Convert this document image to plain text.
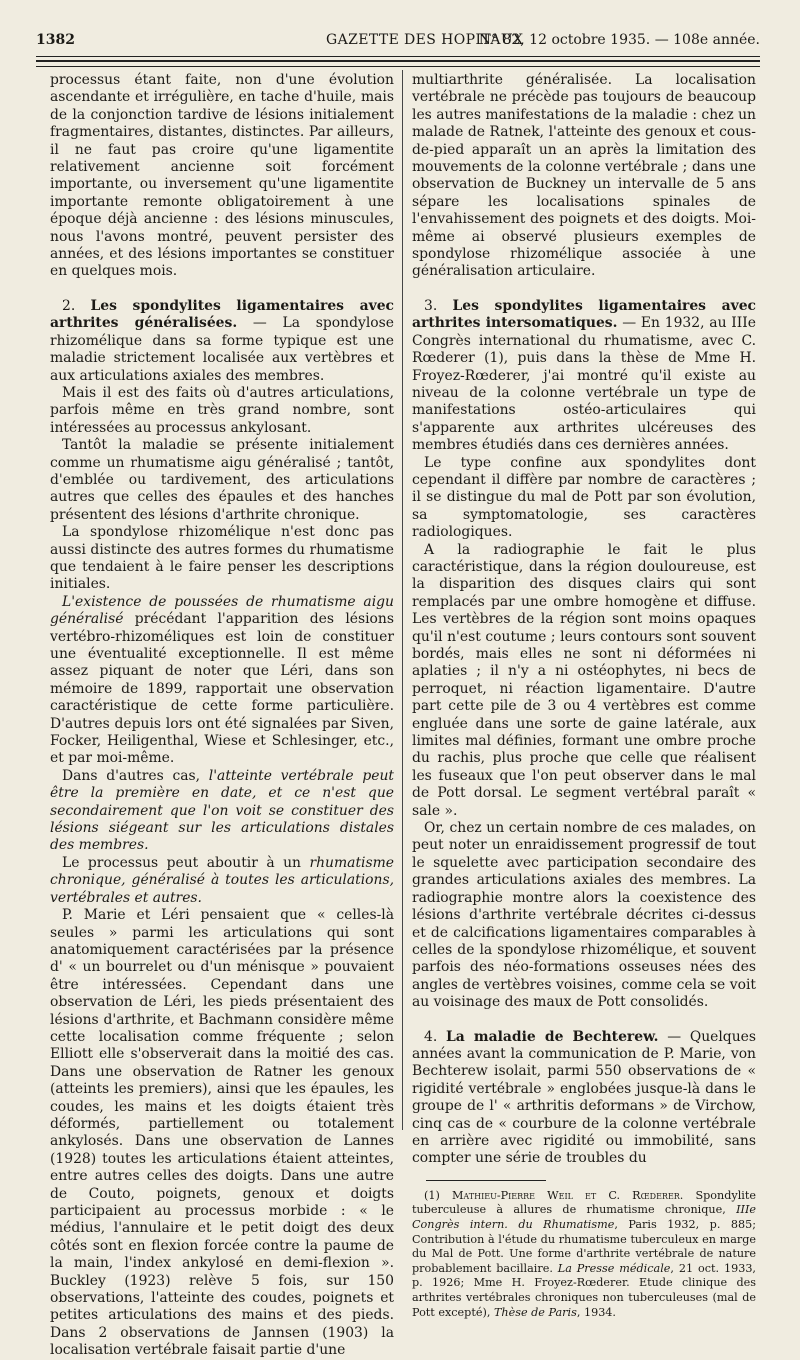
1382	GAZETTE DES HOPITAUX
N° 82, 12 octobre 1935. — 108e année.

processus étant faite, non d'une évolution ascendante et irrégulière, en tache d'huile, mais de la conjonction tardive de lésions initialement fragmentaires, distantes, distinctes. Par ailleurs, il ne faut pas croire qu'une ligamentite relativement ancienne soit forcément importante, ou inversement qu'une ligamentite importante remonte obligatoirement à une époque déjà ancienne : des lésions minuscules, nous l'avons montré, peuvent persister des années, et des lésions importantes se constituer en quelques mois.

2. Les spondylites ligamentaires avec arthrites généralisées. — La spondylose rhizomélique dans sa forme typique est une maladie strictement localisée aux vertèbres et aux articulations axiales des membres.

Mais il est des faits où d'autres articulations, parfois même en très grand nombre, sont intéressées au processus ankylosant.

Tantôt la maladie se présente initialement comme un rhumatisme aigu généralisé ; tantôt, d'emblée ou tardivement, des articulations autres que celles des épaules et des hanches présentent des lésions d'arthrite chronique.

La spondylose rhizomélique n'est donc pas aussi distincte des autres formes du rhumatisme que tendaient à le faire penser les descriptions initiales.

L'existence de poussées de rhumatisme aigu généralisé précédant l'apparition des lésions vertébro-rhizoméliques est loin de constituer une éventualité exceptionnelle. Il est même assez piquant de noter que Léri, dans son mémoire de 1899, rapportait une observation caractéristique de cette forme particulière. D'autres depuis lors ont été signalées par Siven, Focker, Heiligenthal, Wiese et Schlesinger, etc., et par moi-même.

Dans d'autres cas, l'atteinte vertébrale peut être la première en date, et ce n'est que secondairement que l'on voit se constituer des lésions siégeant sur les articulations distales des membres.

Le processus peut aboutir à un rhumatisme chronique, généralisé à toutes les articulations, vertébrales et autres.

P. Marie et Léri pensaient que « celles-là seules » parmi les articulations qui sont anatomiquement caractérisées par la présence d' « un bourrelet ou d'un ménisque » pouvaient être intéressées. Cependant dans une observation de Léri, les pieds présentaient des lésions d'arthrite, et Bachmann considère même cette localisation comme fréquente ; selon Elliott elle s'observerait dans la moitié des cas. Dans une observation de Ratner les genoux (atteints les premiers), ainsi que les épaules, les coudes, les mains et les doigts étaient très déformés, partiellement ou totalement ankylosés. Dans une observation de Lannes (1928) toutes les articulations étaient atteintes, entre autres celles des doigts. Dans une autre de Couto, poignets, genoux et doigts participaient au processus morbide : « le médius, l'annulaire et le petit doigt des deux côtés sont en flexion forcée contre la paume de la main, l'index ankylosé en demi-flexion ». Buckley (1923) relève 5 fois, sur 150 observations, l'atteinte des coudes, poignets et petites articulations des mains et des pieds. Dans 2 observations de Jannsen (1903) la localisation vertébrale faisait partie d'une

multiarthrite généralisée. La localisation vertébrale ne précède pas toujours de beaucoup les autres manifestations de la maladie : chez un malade de Ratnek, l'atteinte des genoux et cous-de-pied apparaît un an après la limitation des mouvements de la colonne vertébrale ; dans une observation de Buckney un intervalle de 5 ans sépare les localisations spinales de l'envahissement des poignets et des doigts. Moi-même ai observé plusieurs exemples de spondylose rhizomélique associée à une généralisation articulaire.

3. Les spondylites ligamentaires avec arthrites intersomatiques. — En 1932, au IIIe Congrès international du rhumatisme, avec C. Rœderer (1), puis dans la thèse de Mme H. Froyez-Rœderer, j'ai montré qu'il existe au niveau de la colonne vertébrale un type de manifestations ostéo-articulaires qui s'apparente aux arthrites ulcéreuses des membres étudiés dans ces dernières années.

Le type confine aux spondylites dont cependant il diffère par nombre de caractères ; il se distingue du mal de Pott par son évolution, sa symptomatologie, ses caractères radiologiques.

A la radiographie le fait le plus caractéristique, dans la région douloureuse, est la disparition des disques clairs qui sont remplacés par une ombre homogène et diffuse. Les vertèbres de la région sont moins opaques qu'il n'est coutume ; leurs contours sont souvent bordés, mais elles ne sont ni déformées ni aplaties ; il n'y a ni ostéophytes, ni becs de perroquet, ni réaction ligamentaire. D'autre part cette pile de 3 ou 4 vertèbres est comme engluée dans une sorte de gaine latérale, aux limites mal définies, formant une ombre proche du rachis, plus proche que celle que réalisent les fuseaux que l'on peut observer dans le mal de Pott dorsal. Le segment vertébral paraît « sale ».

Or, chez un certain nombre de ces malades, on peut noter un enraidissement progressif de tout le squelette avec participation secondaire des grandes articulations axiales des membres. La radiographie montre alors la coexistence des lésions d'arthrite vertébrale décrites ci-dessus et de calcifications ligamentaires comparables à celles de la spondylose rhizomélique, et souvent parfois des néo-formations osseuses nées des angles de vertèbres voisines, comme cela se voit au voisinage des maux de Pott consolidés.

4. La maladie de Bechterew. — Quelques années avant la communication de P. Marie, von Bechterew isolait, parmi 550 observations de « rigidité vertébrale » englobées jusque-là dans le groupe de l' « arthritis deformans » de Virchow, cinq cas de « courbure de la colonne vertébrale en arrière avec rigidité ou immobilité, sans compter une série de troubles du

(1) Mathieu-Pierre Weil et C. Rœderer. Spondylite tuberculeuse à allures de rhumatisme chronique, IIIe Congrès intern. du Rhumatisme, Paris 1932, p. 885; Contribution à l'étude du rhumatisme tuberculeux en marge du Mal de Pott. Une forme d'arthrite vertébrale de nature probablement bacillaire. La Presse médicale, 21 oct. 1933, p. 1926; Mme H. Froyez-Rœderer. Etude clinique des arthrites vertébrales chroniques non tuberculeuses (mal de Pott excepté), Thèse de Paris, 1934.
